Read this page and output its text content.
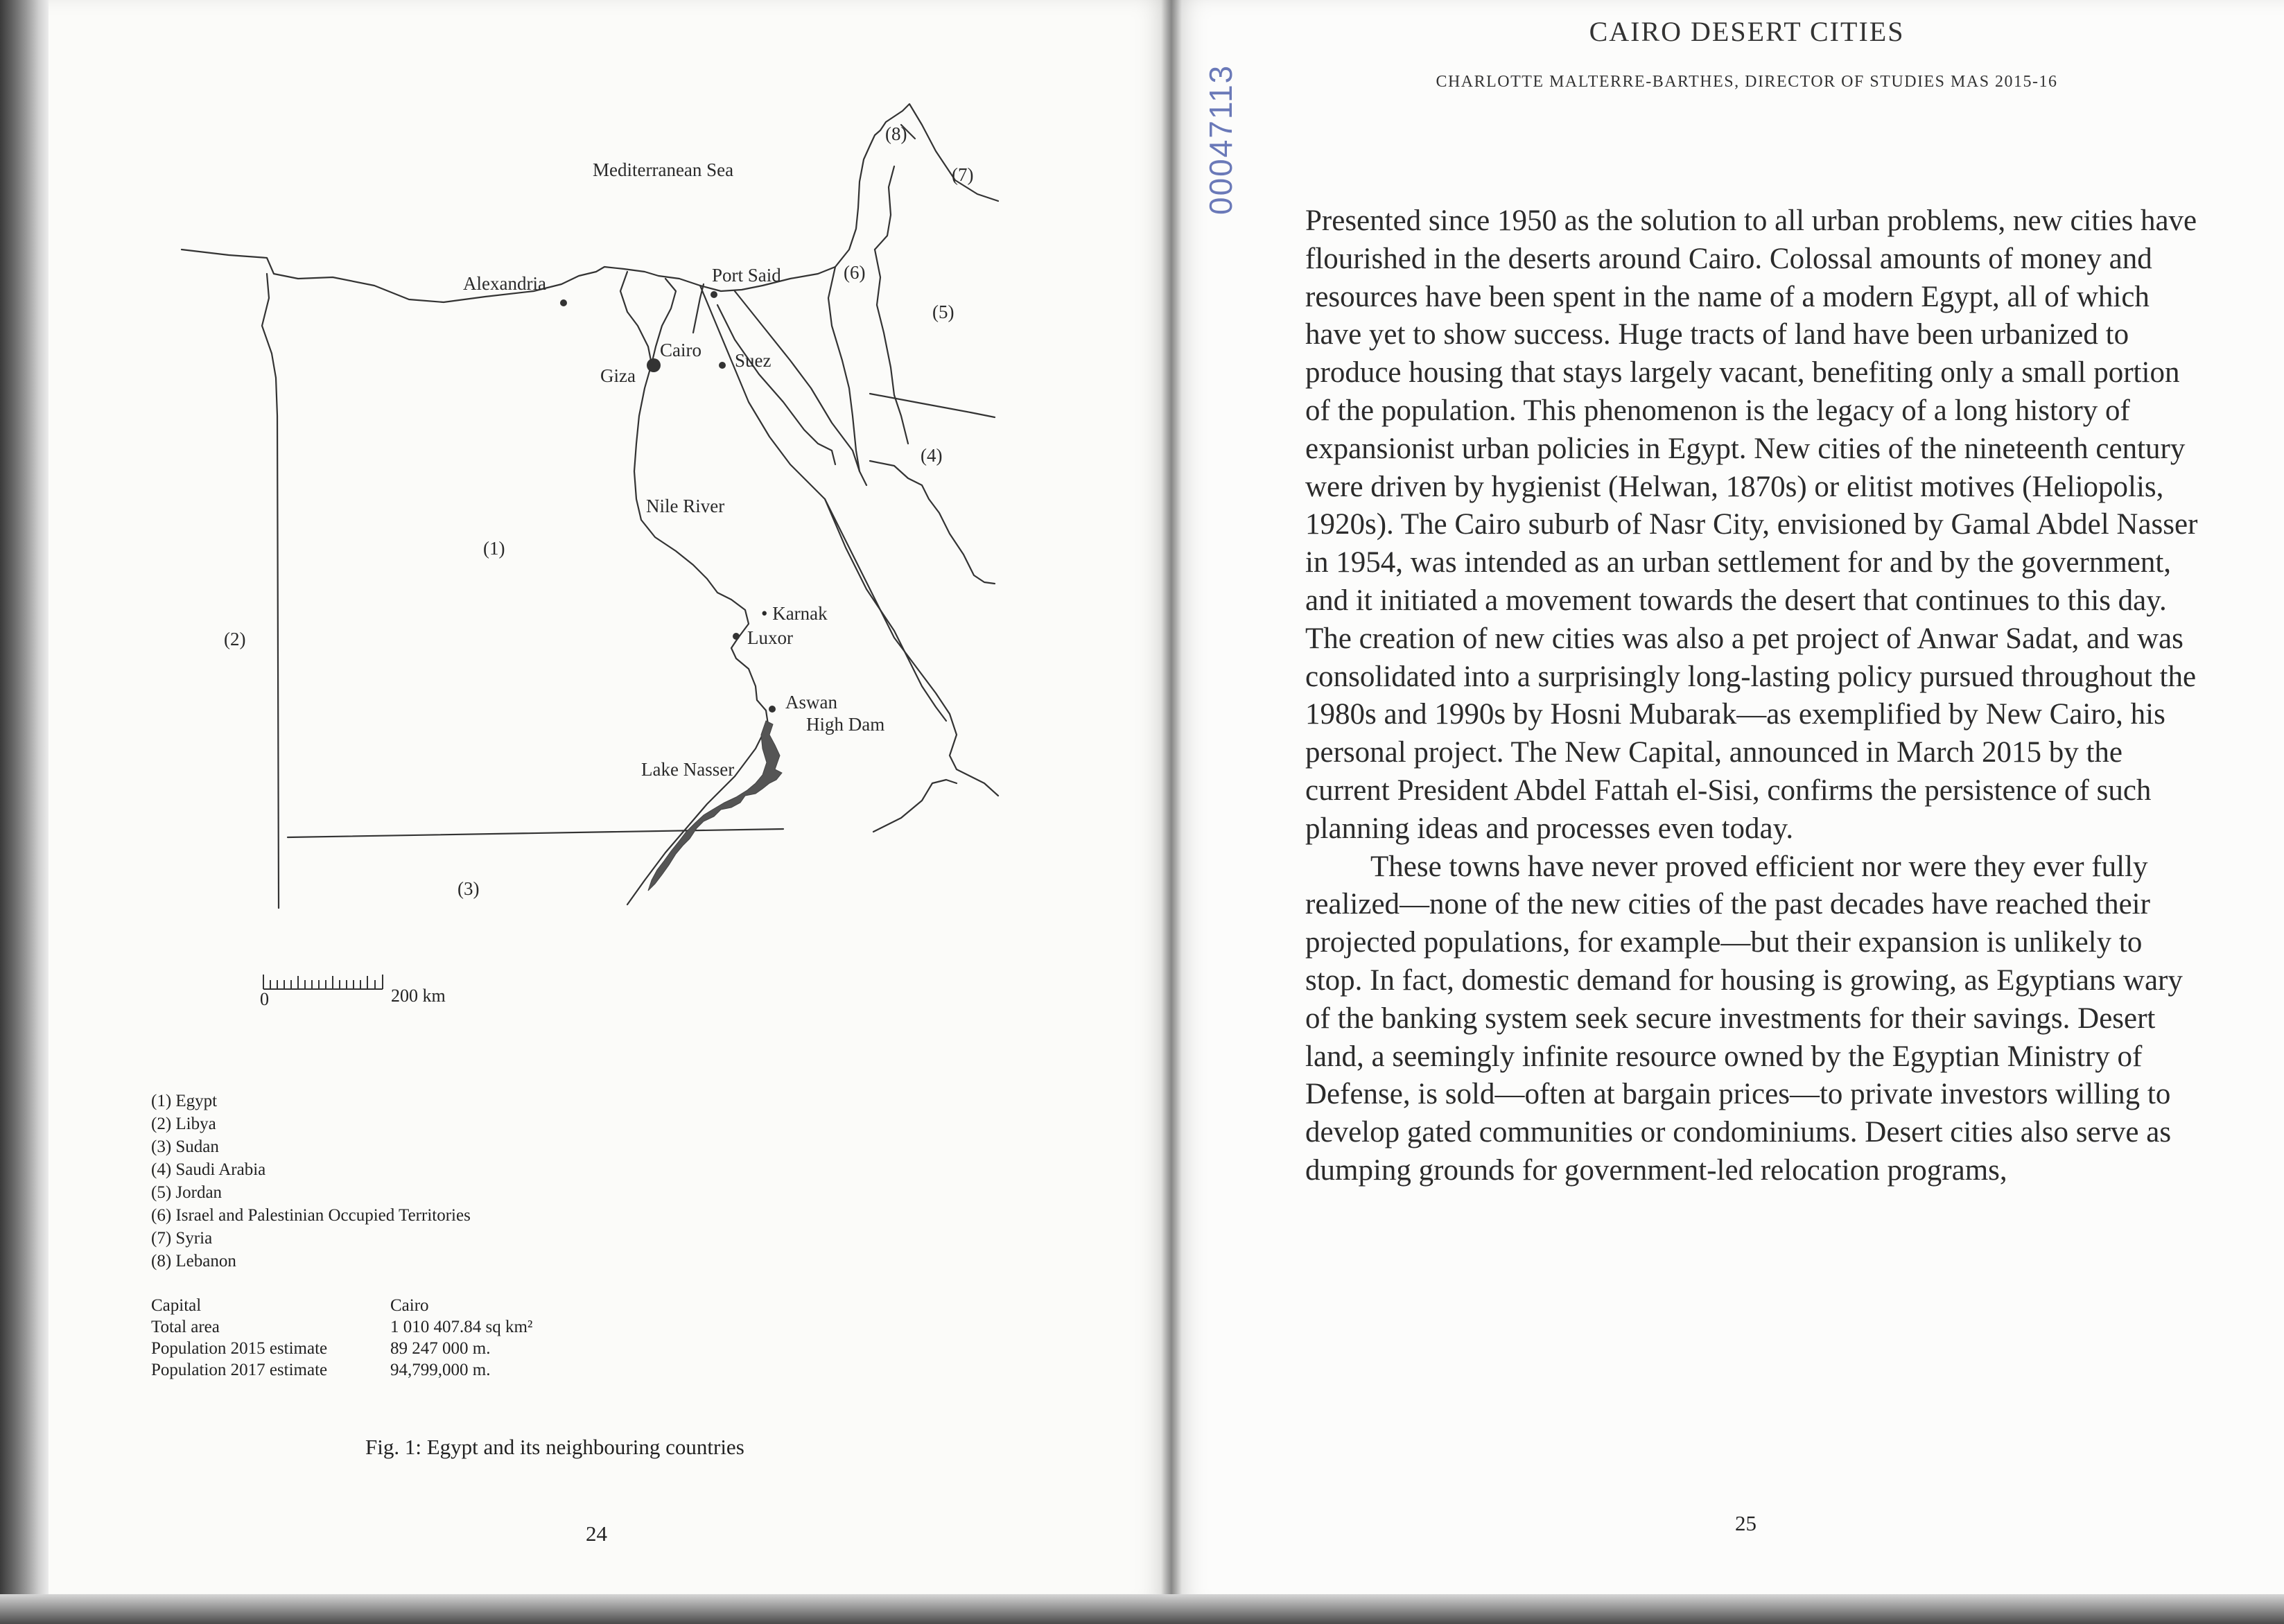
Mediterranean Sea
Alexandria	Port Said
Cairo
Giza
Suez
Nile River
• Karnak
Luxor
Aswan
High Dam
Lake Nasser
(1)
(2)
(3)
(4)
(5)
(6)
(7)
(8)
0	200 km
(1) Egypt
(2) Libya
(3) Sudan
(4) Saudi Arabia
(5) Jordan
(6) Israel and Palestinian Occupied Territories
(7) Syria
(8) Lebanon
Capital	Cairo
Total area	1 010 407.84 sq km²
Population 2015 estimate	89 247 000 m.
Population 2017 estimate	94,799,000 m.
Fig. 1: Egypt and its neighbouring countries
24
00047113
CAIRO DESERT CITIES
CHARLOTTE MALTERRE-BARTHES, DIRECTOR OF STUDIES MAS 2015-16

Presented since 1950 as the solution to all urban problems, new cities have flourished in the deserts around Cairo. Colossal amounts of money and resources have been spent in the name of a modern Egypt, all of which have yet to show success. Huge tracts of land have been urbanized to produce housing that stays largely vacant, benefiting only a small portion of the population. This phenomenon is the legacy of a long history of expansionist urban policies in Egypt. New cities of the nineteenth century were driven by hygienist (Helwan, 1870s) or elitist motives (Heliopolis, 1920s). The Cairo suburb of Nasr City, envisioned by Gamal Abdel Nasser in 1954, was intended as an urban settlement for and by the government, and it initiated a movement towards the desert that continues to this day. The creation of new cities was also a pet project of Anwar Sadat, and was consolidated into a surprisingly long-lasting policy pursued throughout the 1980s and 1990s by Hosni Mubarak—as exemplified by New Cairo, his personal project. The New Capital, announced in March 2015 by the current President Abdel Fattah el-Sisi, confirms the persistence of such planning ideas and processes even today.

These towns have never proved efficient nor were they ever fully realized—none of the new cities of the past decades have reached their projected populations, for example—but their expansion is unlikely to stop. In fact, domestic demand for housing is growing, as Egyptians wary of the banking system seek secure investments for their savings. Desert land, a seemingly infinite resource owned by the Egyptian Ministry of Defense, is sold—often at bargain prices—to private investors willing to develop gated communities or condominiums. Desert cities also serve as dumping grounds for government-led relocation programs,

25
